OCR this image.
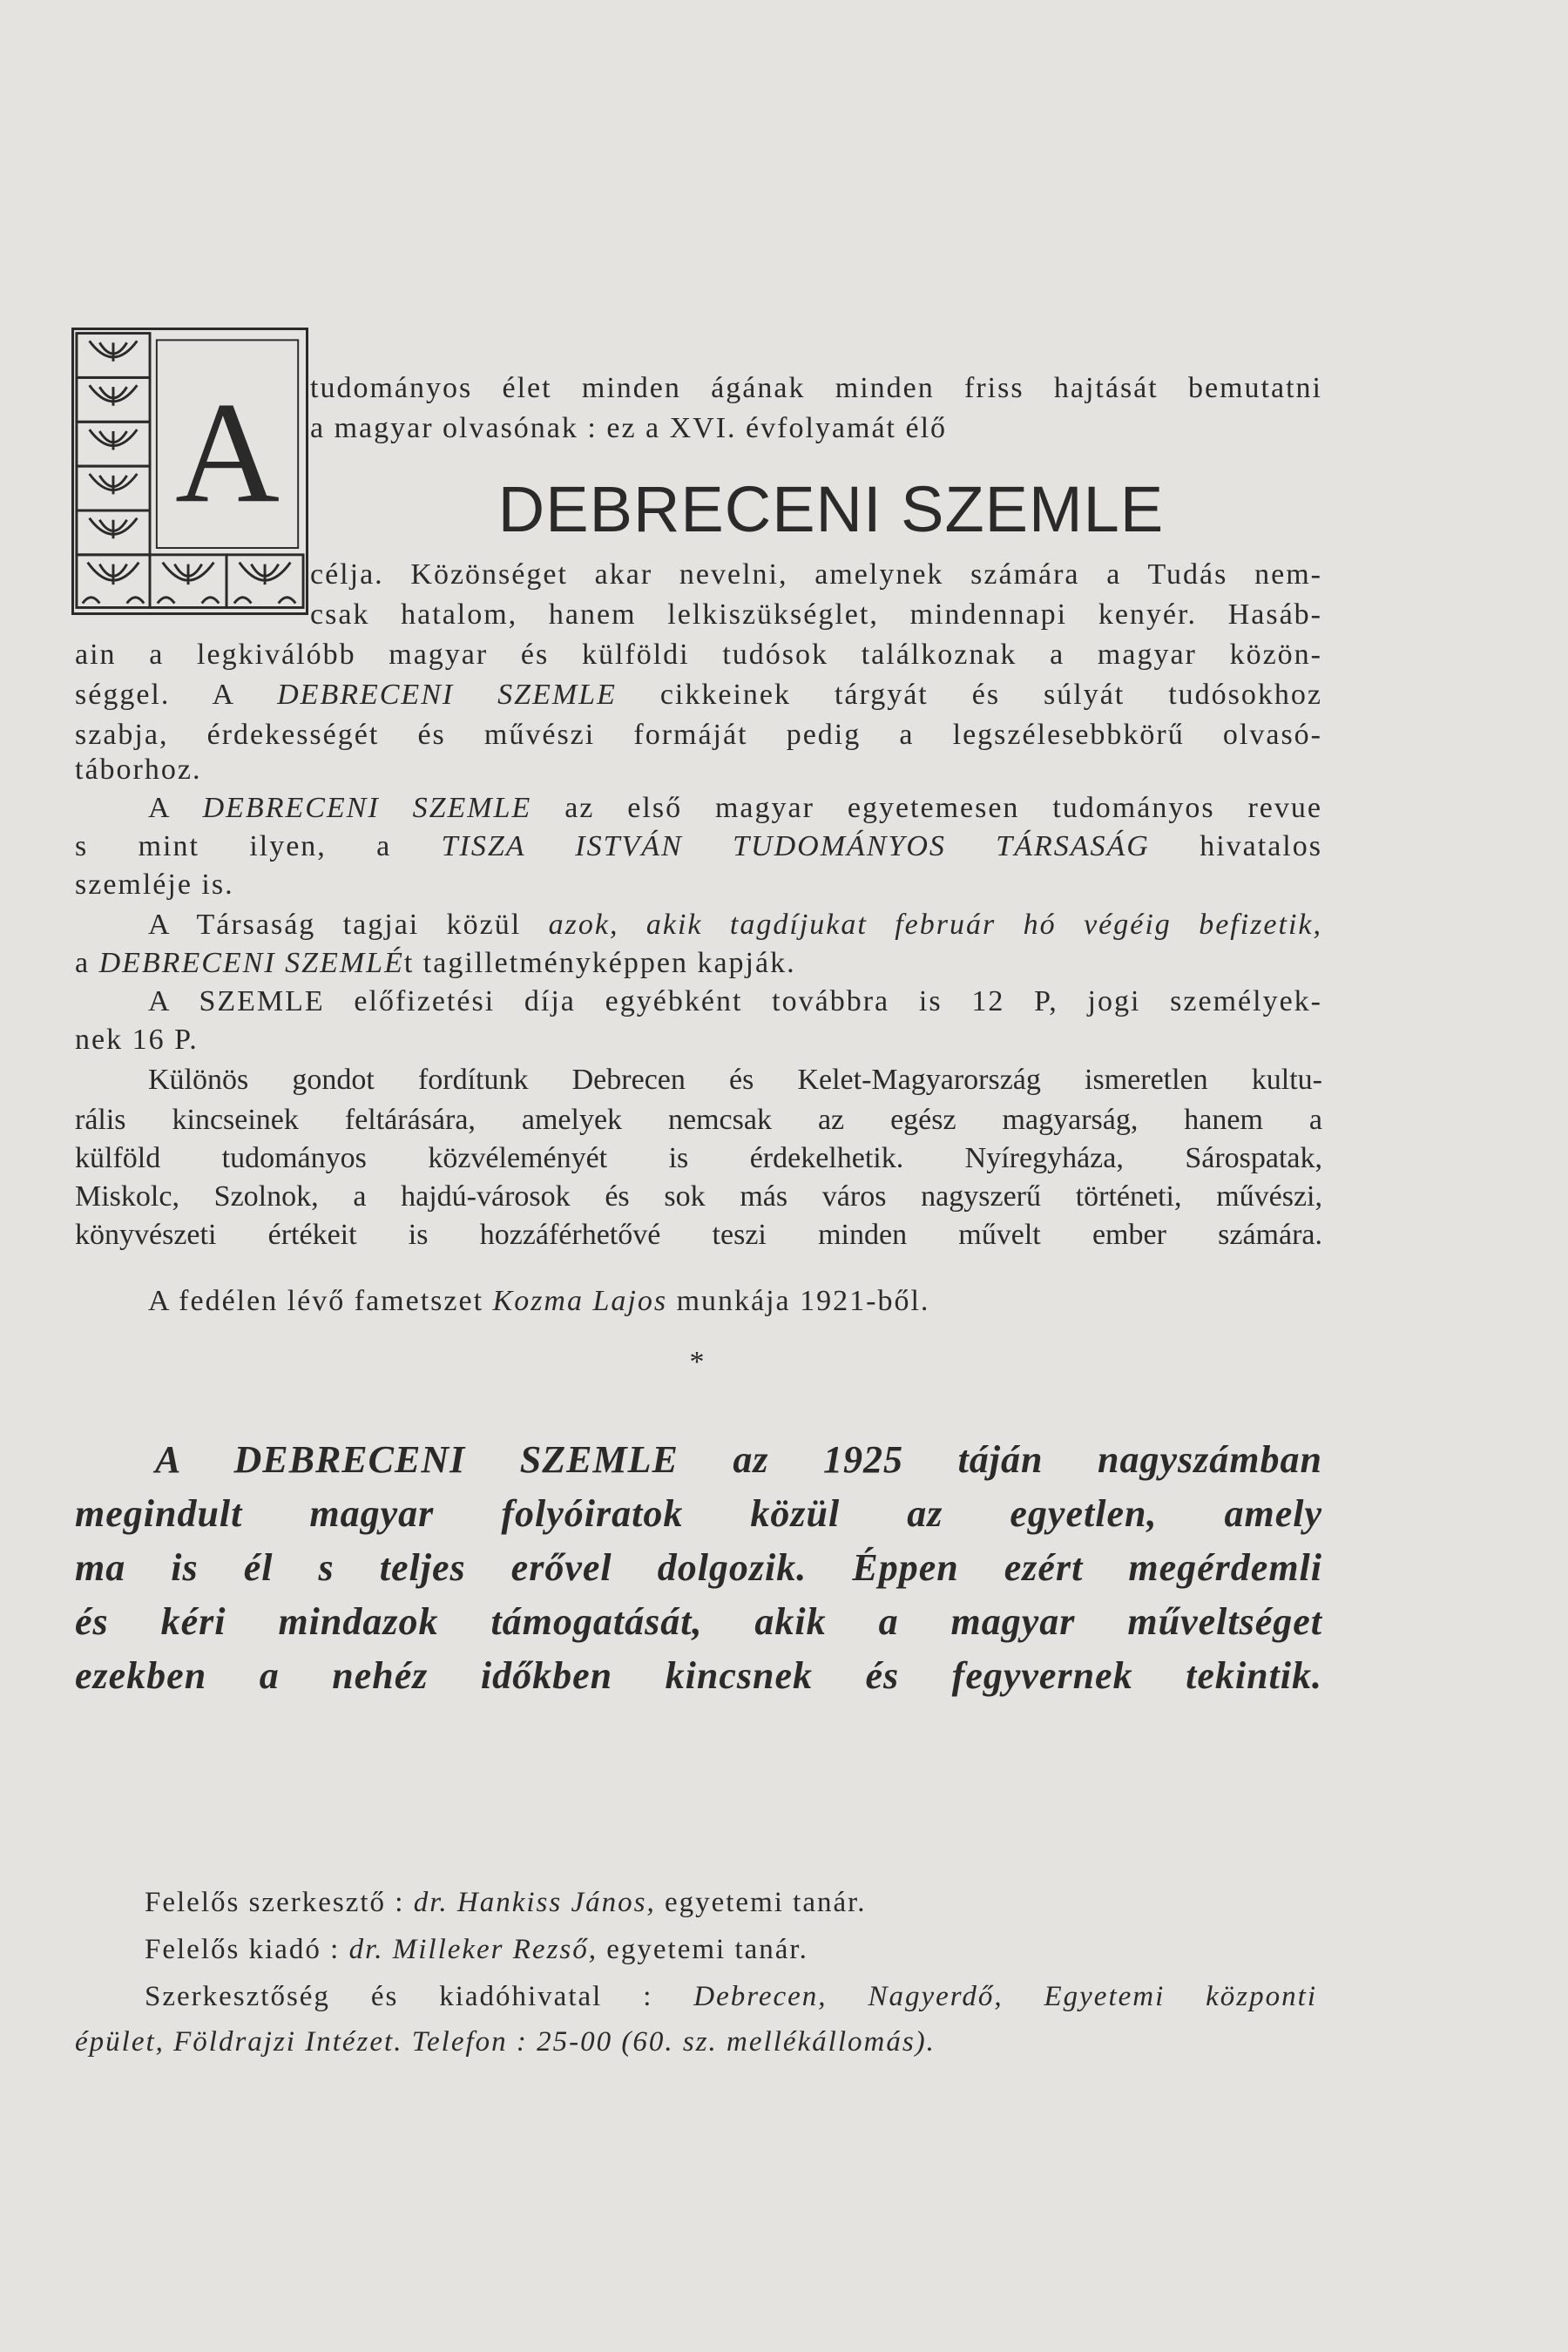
A tudományos élet minden ágának minden friss hajtását bemutatni

a magyar olvasónak : ez a XVI. évfolyamát élő

DEBRECENI SZEMLE

célja. Közönséget akar nevelni, amelynek számára a Tudás nem-

csak hatalom, hanem lelkiszükséglet, mindennapi kenyér. Hasáb-

ain a legkiválóbb magyar és külföldi tudósok találkoznak a magyar közön-

séggel. A DEBRECENI SZEMLE cikkeinek tárgyát és súlyát tudósokhoz

szabja, érdekességét és művészi formáját pedig a legszélesebbkörű olvasó-

táborhoz.

A DEBRECENI SZEMLE az első magyar egyetemesen tudományos revue

s mint ilyen, a TISZA ISTVÁN TUDOMÁNYOS TÁRSASÁG hivatalos

szemléje is.

A Társaság tagjai közül azok, akik tagdíjukat február hó végéig befizetik,

a DEBRECENI SZEMLÉt tagilletményképpen kapják.

A SZEMLE előfizetési díja egyébként továbbra is 12 P, jogi személyek-

nek 16 P.

Különös gondot fordítunk Debrecen és Kelet-Magyarország ismeretlen kultu-

rális kincseinek feltárására, amelyek nemcsak az egész magyarság, hanem a

külföld tudományos közvéleményét is érdekelhetik. Nyíregyháza, Sárospatak,

Miskolc, Szolnok, a hajdú-városok és sok más város nagyszerű történeti, művészi,

könyvészeti értékeit is hozzáférhetővé teszi minden művelt ember számára.

A fedélen lévő fametszet Kozma Lajos munkája 1921-ből.

*

A DEBRECENI SZEMLE az 1925 táján nagyszámban

megindult magyar folyóiratok közül az egyetlen, amely

ma is él s teljes erővel dolgozik. Éppen ezért megérdemli

és kéri mindazok támogatását, akik a magyar műveltséget

ezekben a nehéz időkben kincsnek és fegyvernek tekintik.

Felelős szerkesztő : dr. Hankiss János, egyetemi tanár.

Felelős kiadó : dr. Milleker Rezső, egyetemi tanár.

Szerkesztőség és kiadóhivatal : Debrecen, Nagyerdő, Egyetemi központi

épület, Földrajzi Intézet. Telefon : 25-00 (60. sz. mellékállomás).
